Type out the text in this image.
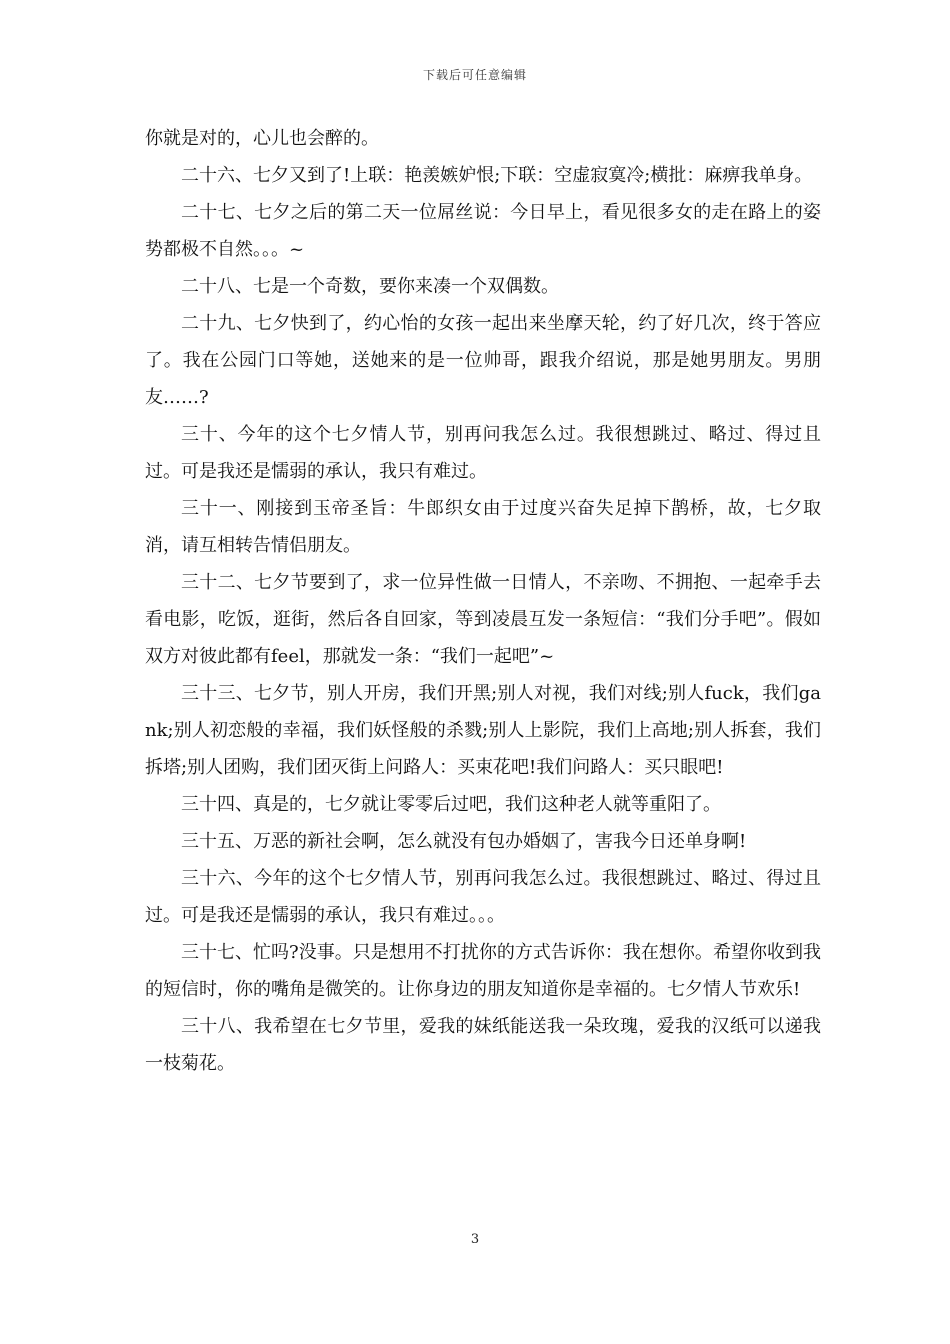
下载后可任意编辑

你就是对的，心儿也会醉的。

二十六、七夕又到了!上联：艳羡嫉妒恨;下联：空虚寂寞冷;横批：麻痹我单身。

二十七、七夕之后的第二天一位屌丝说：今日早上，看见很多女的走在路上的姿势都极不自然。。。~

二十八、七是一个奇数，要你来凑一个双偶数。

二十九、七夕快到了，约心怡的女孩一起出来坐摩天轮，约了好几次，终于答应了。我在公园门口等她，送她来的是一位帅哥，跟我介绍说，那是她男朋友。男朋友……?

三十、今年的这个七夕情人节，别再问我怎么过。我很想跳过、略过、得过且过。可是我还是懦弱的承认，我只有难过。

三十一、刚接到玉帝圣旨：牛郎织女由于过度兴奋失足掉下鹊桥，故，七夕取消，请互相转告情侣朋友。

三十二、七夕节要到了，求一位异性做一日情人，不亲吻、不拥抱、一起牵手去看电影，吃饭，逛街，然后各自回家，等到凌晨互发一条短信：“我们分手吧”。假如双方对彼此都有feel，那就发一条：“我们一起吧”~

三十三、七夕节，别人开房，我们开黑;别人对视，我们对线;别人fuck，我们gank;别人初恋般的幸福，我们妖怪般的杀戮;别人上影院，我们上高地;别人拆套，我们拆塔;别人团购，我们团灭街上问路人：买束花吧!我们问路人：买只眼吧!

三十四、真是的，七夕就让零零后过吧，我们这种老人就等重阳了。

三十五、万恶的新社会啊，怎么就没有包办婚姻了，害我今日还单身啊!

三十六、今年的这个七夕情人节，别再问我怎么过。我很想跳过、略过、得过且过。可是我还是懦弱的承认，我只有难过。。。

三十七、忙吗?没事。只是想用不打扰你的方式告诉你：我在想你。希望你收到我的短信时，你的嘴角是微笑的。让你身边的朋友知道你是幸福的。七夕情人节欢乐!

三十八、我希望在七夕节里，爱我的妹纸能送我一朵玫瑰，爱我的汉纸可以递我一枝菊花。

3
